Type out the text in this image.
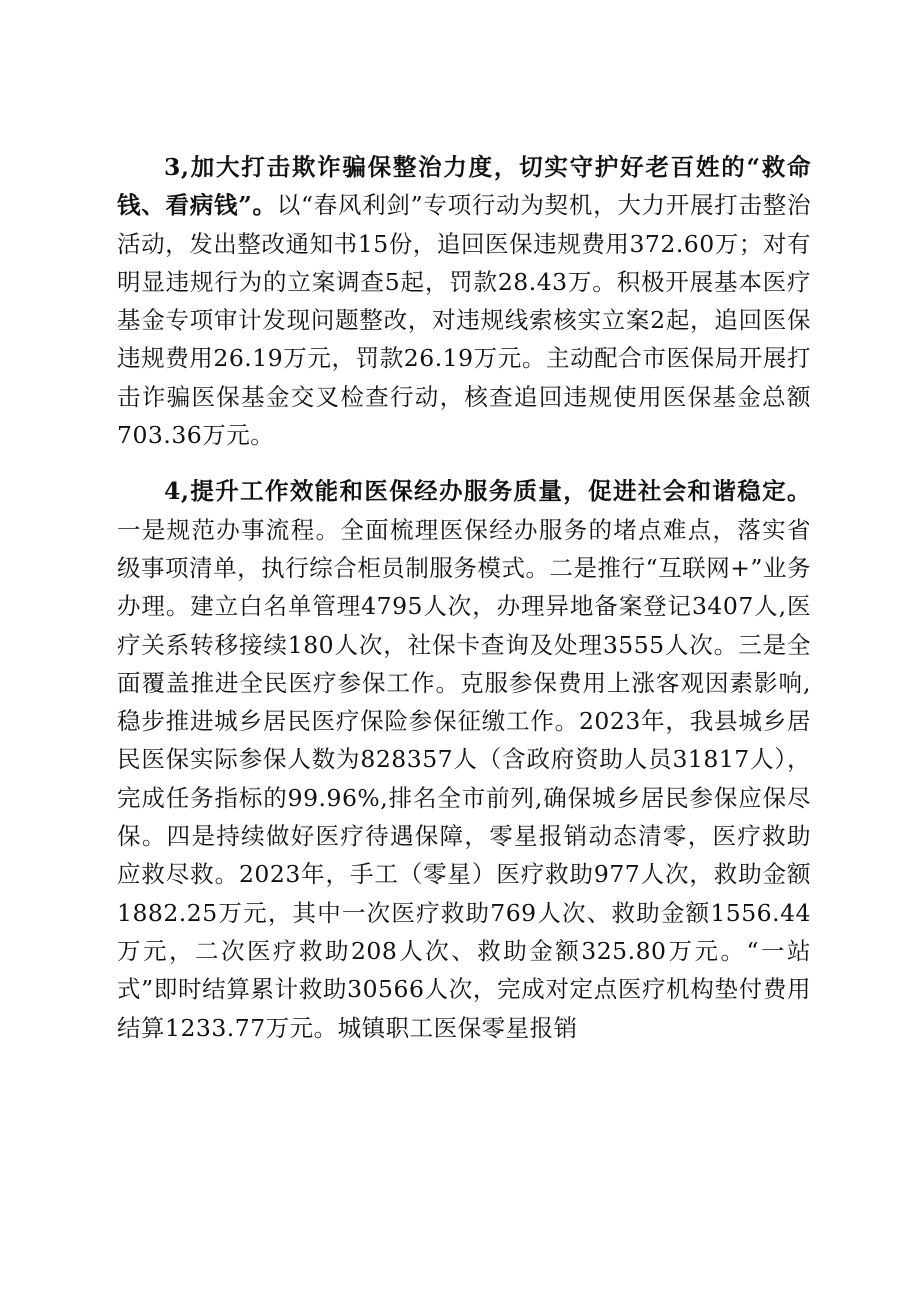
3,加大打击欺诈骗保整治力度，切实守护好老百姓的“救命钱、看病钱”。以“春风利剑”专项行动为契机，大力开展打击整治活动，发出整改通知书15份，追回医保违规费用372.60万；对有明显违规行为的立案调查5起，罚款28.43万。积极开展基本医疗基金专项审计发现问题整改，对违规线索核实立案2起，追回医保违规费用26.19万元，罚款26.19万元。主动配合市医保局开展打击诈骗医保基金交叉检查行动，核查追回违规使用医保基金总额703.36万元。

4,提升工作效能和医保经办服务质量，促进社会和谐稳定。一是规范办事流程。全面梳理医保经办服务的堵点难点，落实省级事项清单，执行综合柜员制服务模式。二是推行“互联网+”业务办理。建立白名单管理4795人次，办理异地备案登记3407人,医疗关系转移接续180人次，社保卡查询及处理3555人次。三是全面覆盖推进全民医疗参保工作。克服参保费用上涨客观因素影响,稳步推进城乡居民医疗保险参保征缴工作。2023年，我县城乡居民医保实际参保人数为828357人（含政府资助人员31817人），完成任务指标的99.96%,排名全市前列,确保城乡居民参保应保尽保。四是持续做好医疗待遇保障，零星报销动态清零，医疗救助应救尽救。2023年，手工（零星）医疗救助977人次，救助金额1882.25万元，其中一次医疗救助769人次、救助金额1556.44万元，二次医疗救助208人次、救助金额325.80万元。“一站式”即时结算累计救助30566人次，完成对定点医疗机构垫付费用结算1233.77万元。城镇职工医保零星报销
